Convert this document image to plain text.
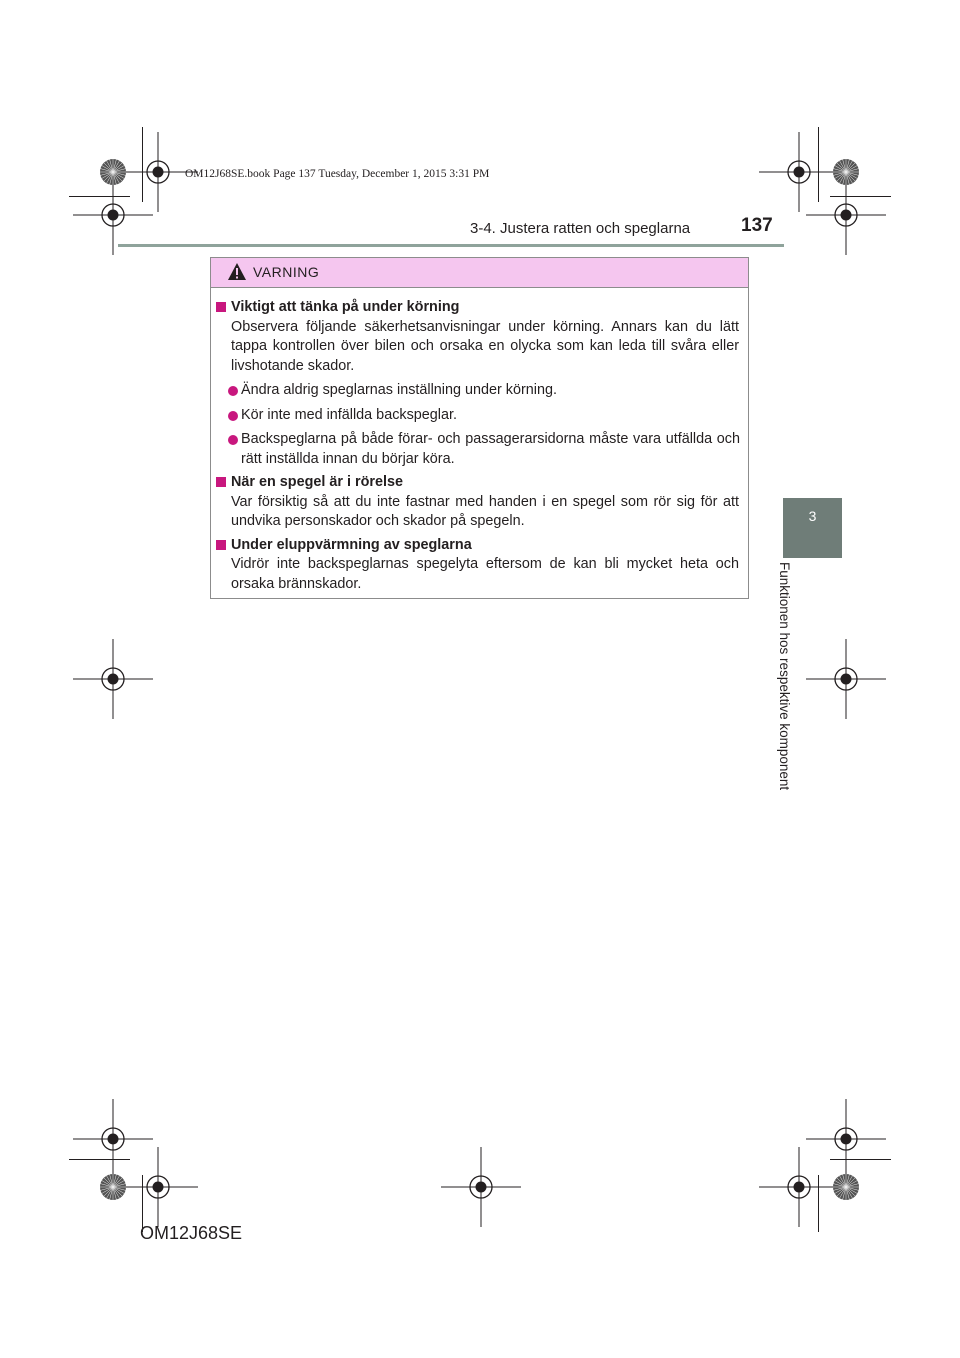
OM12J68SE.book Page 137 Tuesday, December 1, 2015 3:31 PM
3-4. Justera ratten och speglarna	137
3
Funktionen hos respektive komponent
VARNING
Viktigt att tänka på under körning
Observera följande säkerhetsanvisningar under körning. Annars kan du lätt tappa kontrollen över bilen och orsaka en olycka som kan leda till svåra eller livshotande skador.
Ändra aldrig speglarnas inställning under körning.
Kör inte med infällda backspeglar.
Backspeglarna på både förar- och passagerarsidorna måste vara utfällda och rätt inställda innan du börjar köra.
När en spegel är i rörelse
Var försiktig så att du inte fastnar med handen i en spegel som rör sig för att undvika personskador och skador på spegeln.
Under eluppvärmning av speglarna
Vidrör inte backspeglarnas spegelyta eftersom de kan bli mycket heta och orsaka brännskador.
OM12J68SE
